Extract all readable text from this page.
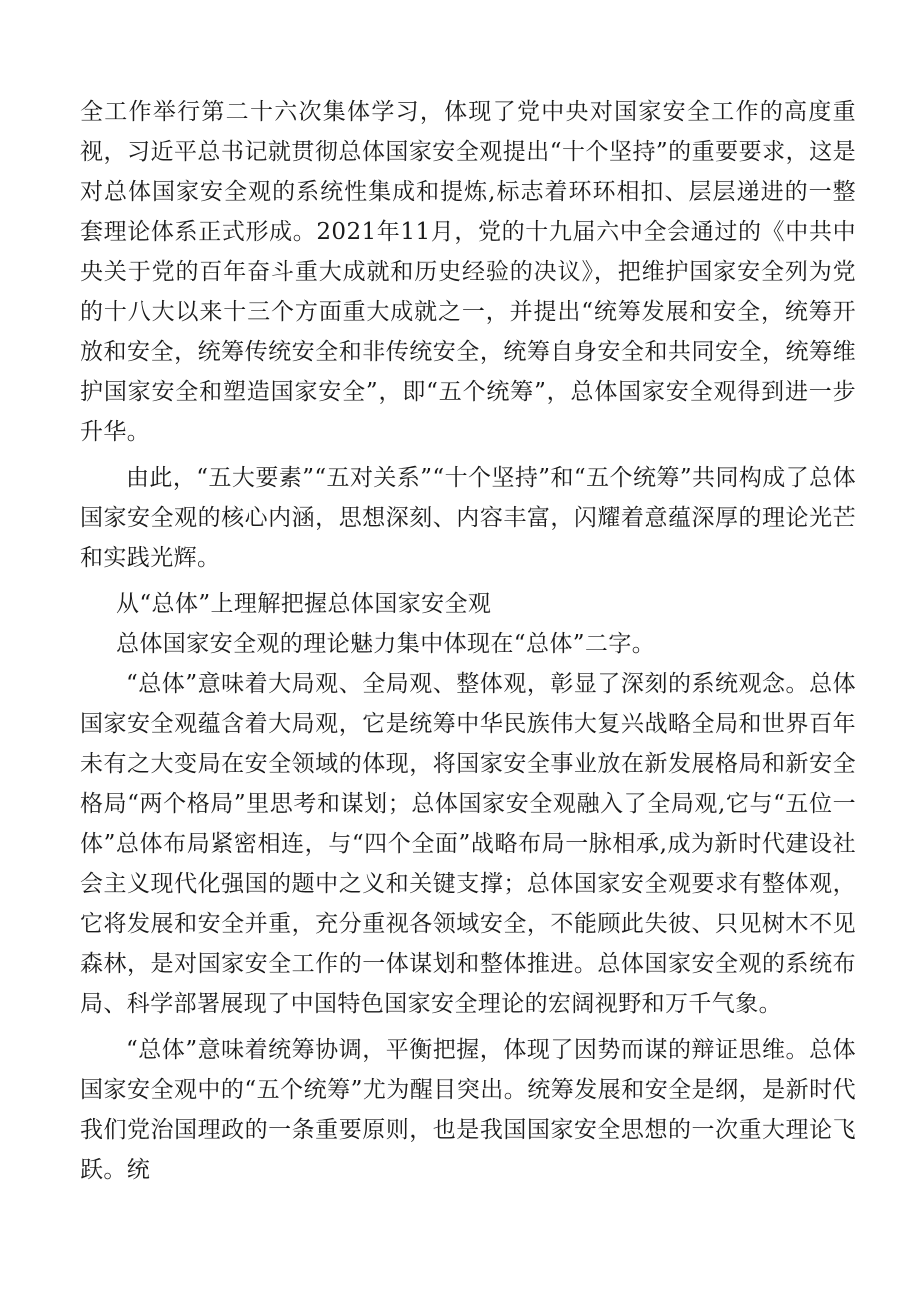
全工作举行第二十六次集体学习，体现了党中央对国家安全工作的高度重视，习近平总书记就贯彻总体国家安全观提出“十个坚持”的重要要求，这是对总体国家安全观的系统性集成和提炼,标志着环环相扣、层层递进的一整套理论体系正式形成。2021年11月，党的十九届六中全会通过的《中共中央关于党的百年奋斗重大成就和历史经验的决议》，把维护国家安全列为党的十八大以来十三个方面重大成就之一，并提出“统筹发展和安全，统筹开放和安全，统筹传统安全和非传统安全，统筹自身安全和共同安全，统筹维护国家安全和塑造国家安全”，即“五个统筹”，总体国家安全观得到进一步升华。

由此，“五大要素”“五对关系”“十个坚持”和“五个统筹”共同构成了总体国家安全观的核心内涵，思想深刻、内容丰富，闪耀着意蕴深厚的理论光芒和实践光辉。

从“总体”上理解把握总体国家安全观

总体国家安全观的理论魅力集中体现在“总体”二字。

“总体”意味着大局观、全局观、整体观，彰显了深刻的系统观念。总体国家安全观蕴含着大局观，它是统筹中华民族伟大复兴战略全局和世界百年未有之大变局在安全领域的体现，将国家安全事业放在新发展格局和新安全格局“两个格局”里思考和谋划；总体国家安全观融入了全局观,它与“五位一体”总体布局紧密相连，与“四个全面”战略布局一脉相承,成为新时代建设社会主义现代化强国的题中之义和关键支撑；总体国家安全观要求有整体观，它将发展和安全并重，充分重视各领域安全，不能顾此失彼、只见树木不见森林，是对国家安全工作的一体谋划和整体推进。总体国家安全观的系统布局、科学部署展现了中国特色国家安全理论的宏阔视野和万千气象。

“总体”意味着统筹协调，平衡把握，体现了因势而谋的辩证思维。总体国家安全观中的“五个统筹”尤为醒目突出。统筹发展和安全是纲，是新时代我们党治国理政的一条重要原则，也是我国国家安全思想的一次重大理论飞跃。统
